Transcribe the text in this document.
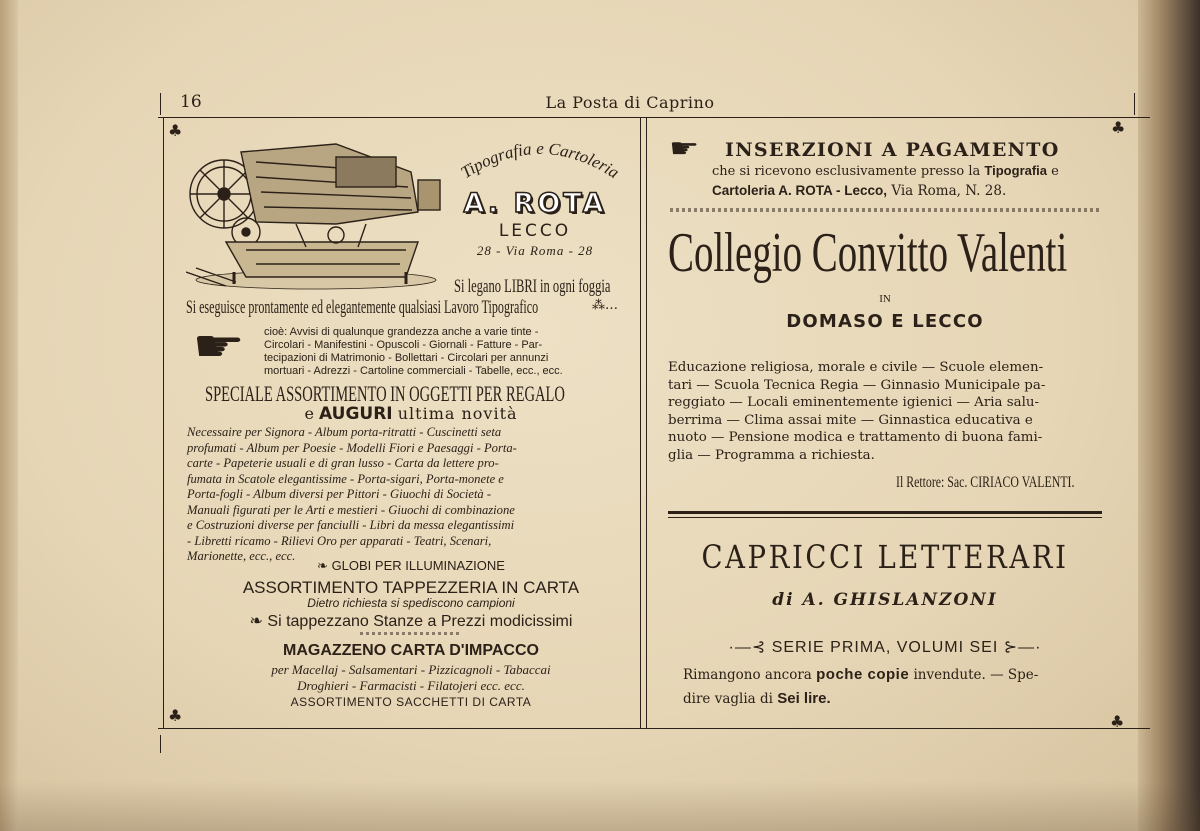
16	La Posta di Caprino
♣	♣
♣	♣
Tipografia e Cartoleria
A. ROTA
LECCO
28 - Via Roma - 28
Si legano LIBRI in ogni foggia
Si eseguisce prontamente ed elegantemente qualsiasi Lavoro Tipografico	⁂…
☛ cioè: Avvisi di qualunque grandezza anche a varie tinte -
Circolari - Manifestini - Opuscoli - Giornali - Fatture - Par-
tecipazioni di Matrimonio - Bollettari - Circolari per annunzi
mortuari - Adrezzi - Cartoline commerciali - Tabelle, ecc., ecc.
SPECIALE ASSORTIMENTO IN OGGETTI PER REGALO
e AUGURI ultima novità
Necessaire per Signora - Album porta-ritratti - Cuscinetti seta
profumati - Album per Poesie - Modelli Fiori e Paesaggi - Porta-
carte - Papeterie usuali e di gran lusso - Carta da lettere pro-
fumata in Scatole elegantissime - Porta-sigari, Porta-monete e
Porta-fogli - Album diversi per Pittori - Giuochi di Società -
Manuali figurati per le Arti e mestieri - Giuochi di combinazione
e Costruzioni diverse per fanciulli - Libri da messa elegantissimi
- Libretti ricamo - Rilievi Oro per apparati - Teatri, Scenari,
Marionette, ecc., ecc.
❧ GLOBI PER ILLUMINAZIONE
ASSORTIMENTO TAPPEZZERIA IN CARTA
Dietro richiesta si spediscono campioni
❧ Si tappezzano Stanze a Prezzi modicissimi
MAGAZZENO CARTA D'IMPACCO
per Macellaj - Salsamentari - Pizzicagnoli - Tabaccai
Droghieri - Farmacisti - Filatojeri ecc. ecc.
ASSORTIMENTO SACCHETTI DI CARTA
☛ INSERZIONI A PAGAMENTO
che si ricevono esclusivamente presso la Tipografia e
Cartoleria A. ROTA - Lecco, Via Roma, N. 28.
Collegio Convitto Valenti
IN
DOMASO E LECCO
Educazione religiosa, morale e civile — Scuole elemen-
tari — Scuola Tecnica Regia — Ginnasio Municipale pa-
reggiato — Locali eminentemente igienici — Aria salu-
berrima — Clima assai mite — Ginnastica educativa e
nuoto — Pensione modica e trattamento di buona fami-
glia — Programma a richiesta.
Il Rettore: Sac. CIRIACO VALENTI.
CAPRICCI LETTERARI
di A. GHISLANZONI
·—⊰ SERIE PRIMA, VOLUMI SEI ⊱—·
Rimangono ancora poche copie invendute. — Spe-
dire vaglia di Sei lire.
